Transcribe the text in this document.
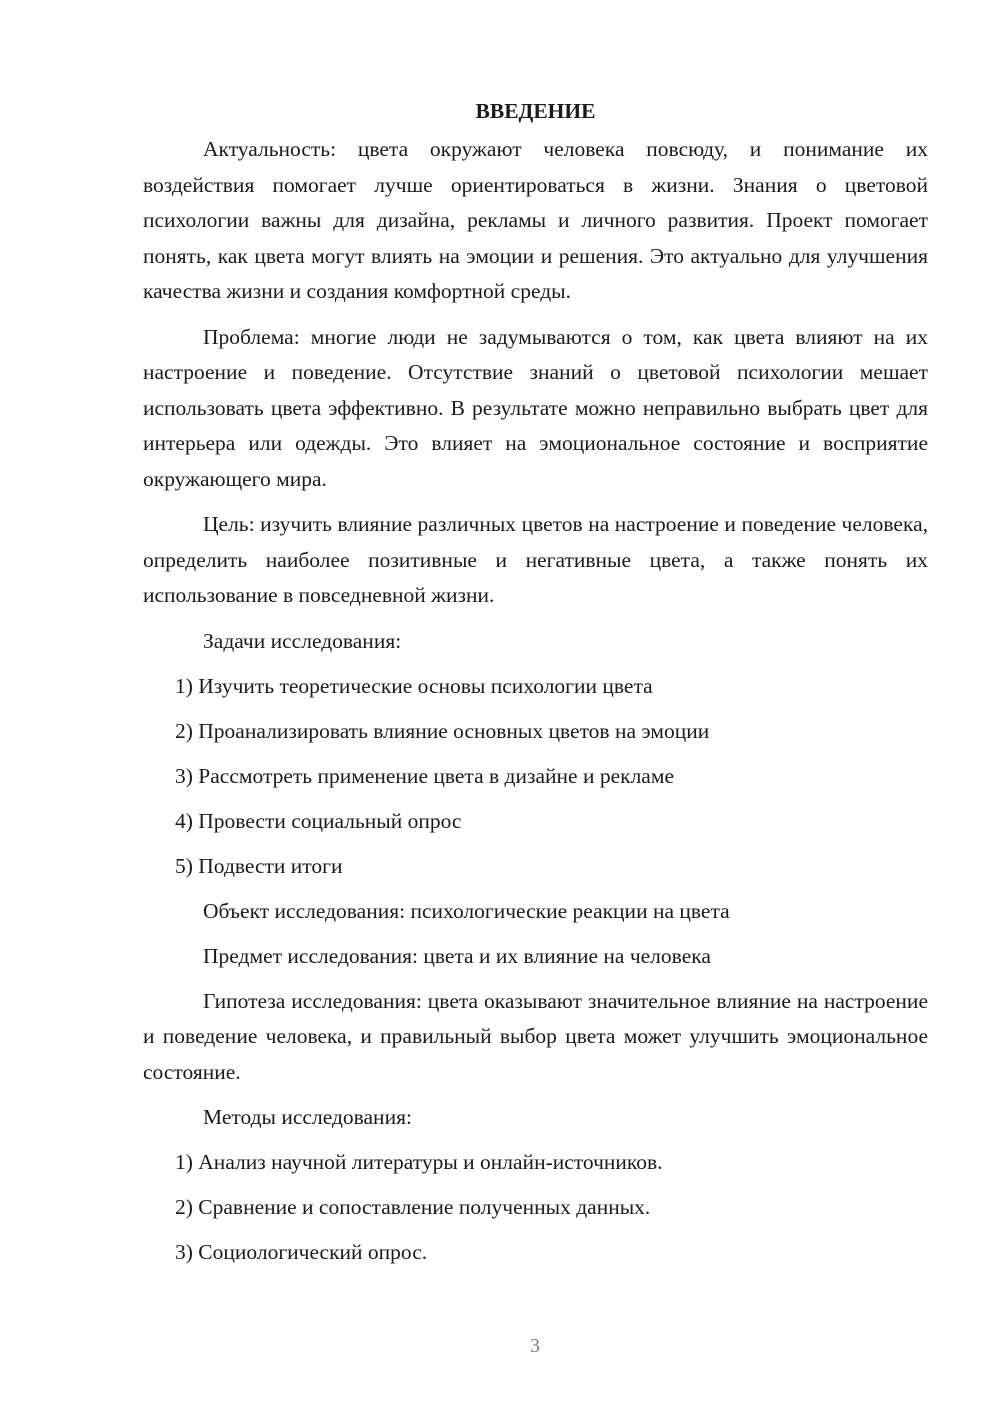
ВВЕДЕНИЕ

Актуальность: цвета окружают человека повсюду, и понимание их воздействия помогает лучше ориентироваться в жизни. Знания о цветовой психологии важны для дизайна, рекламы и личного развития. Проект помогает понять, как цвета могут влиять на эмоции и решения. Это актуально для улучшения качества жизни и создания комфортной среды.

Проблема: многие люди не задумываются о том, как цвета влияют на их настроение и поведение. Отсутствие знаний о цветовой психологии мешает использовать цвета эффективно. В результате можно неправильно выбрать цвет для интерьера или одежды. Это влияет на эмоциональное состояние и восприятие окружающего мира.

Цель: изучить влияние различных цветов на настроение и поведение человека, определить наиболее позитивные и негативные цвета, а также понять их использование в повседневной жизни.

Задачи исследования:

1) Изучить теоретические основы психологии цвета

2) Проанализировать влияние основных цветов на эмоции

3) Рассмотреть применение цвета в дизайне и рекламе

4) Провести социальный опрос

5) Подвести итоги

Объект исследования: психологические реакции на цвета

Предмет исследования: цвета и их влияние на человека

Гипотеза исследования: цвета оказывают значительное влияние на настроение и поведение человека, и правильный выбор цвета может улучшить эмоциональное состояние.

Методы исследования:

1) Анализ научной литературы и онлайн-источников.

2) Сравнение и сопоставление полученных данных.

3) Социологический опрос.

3
